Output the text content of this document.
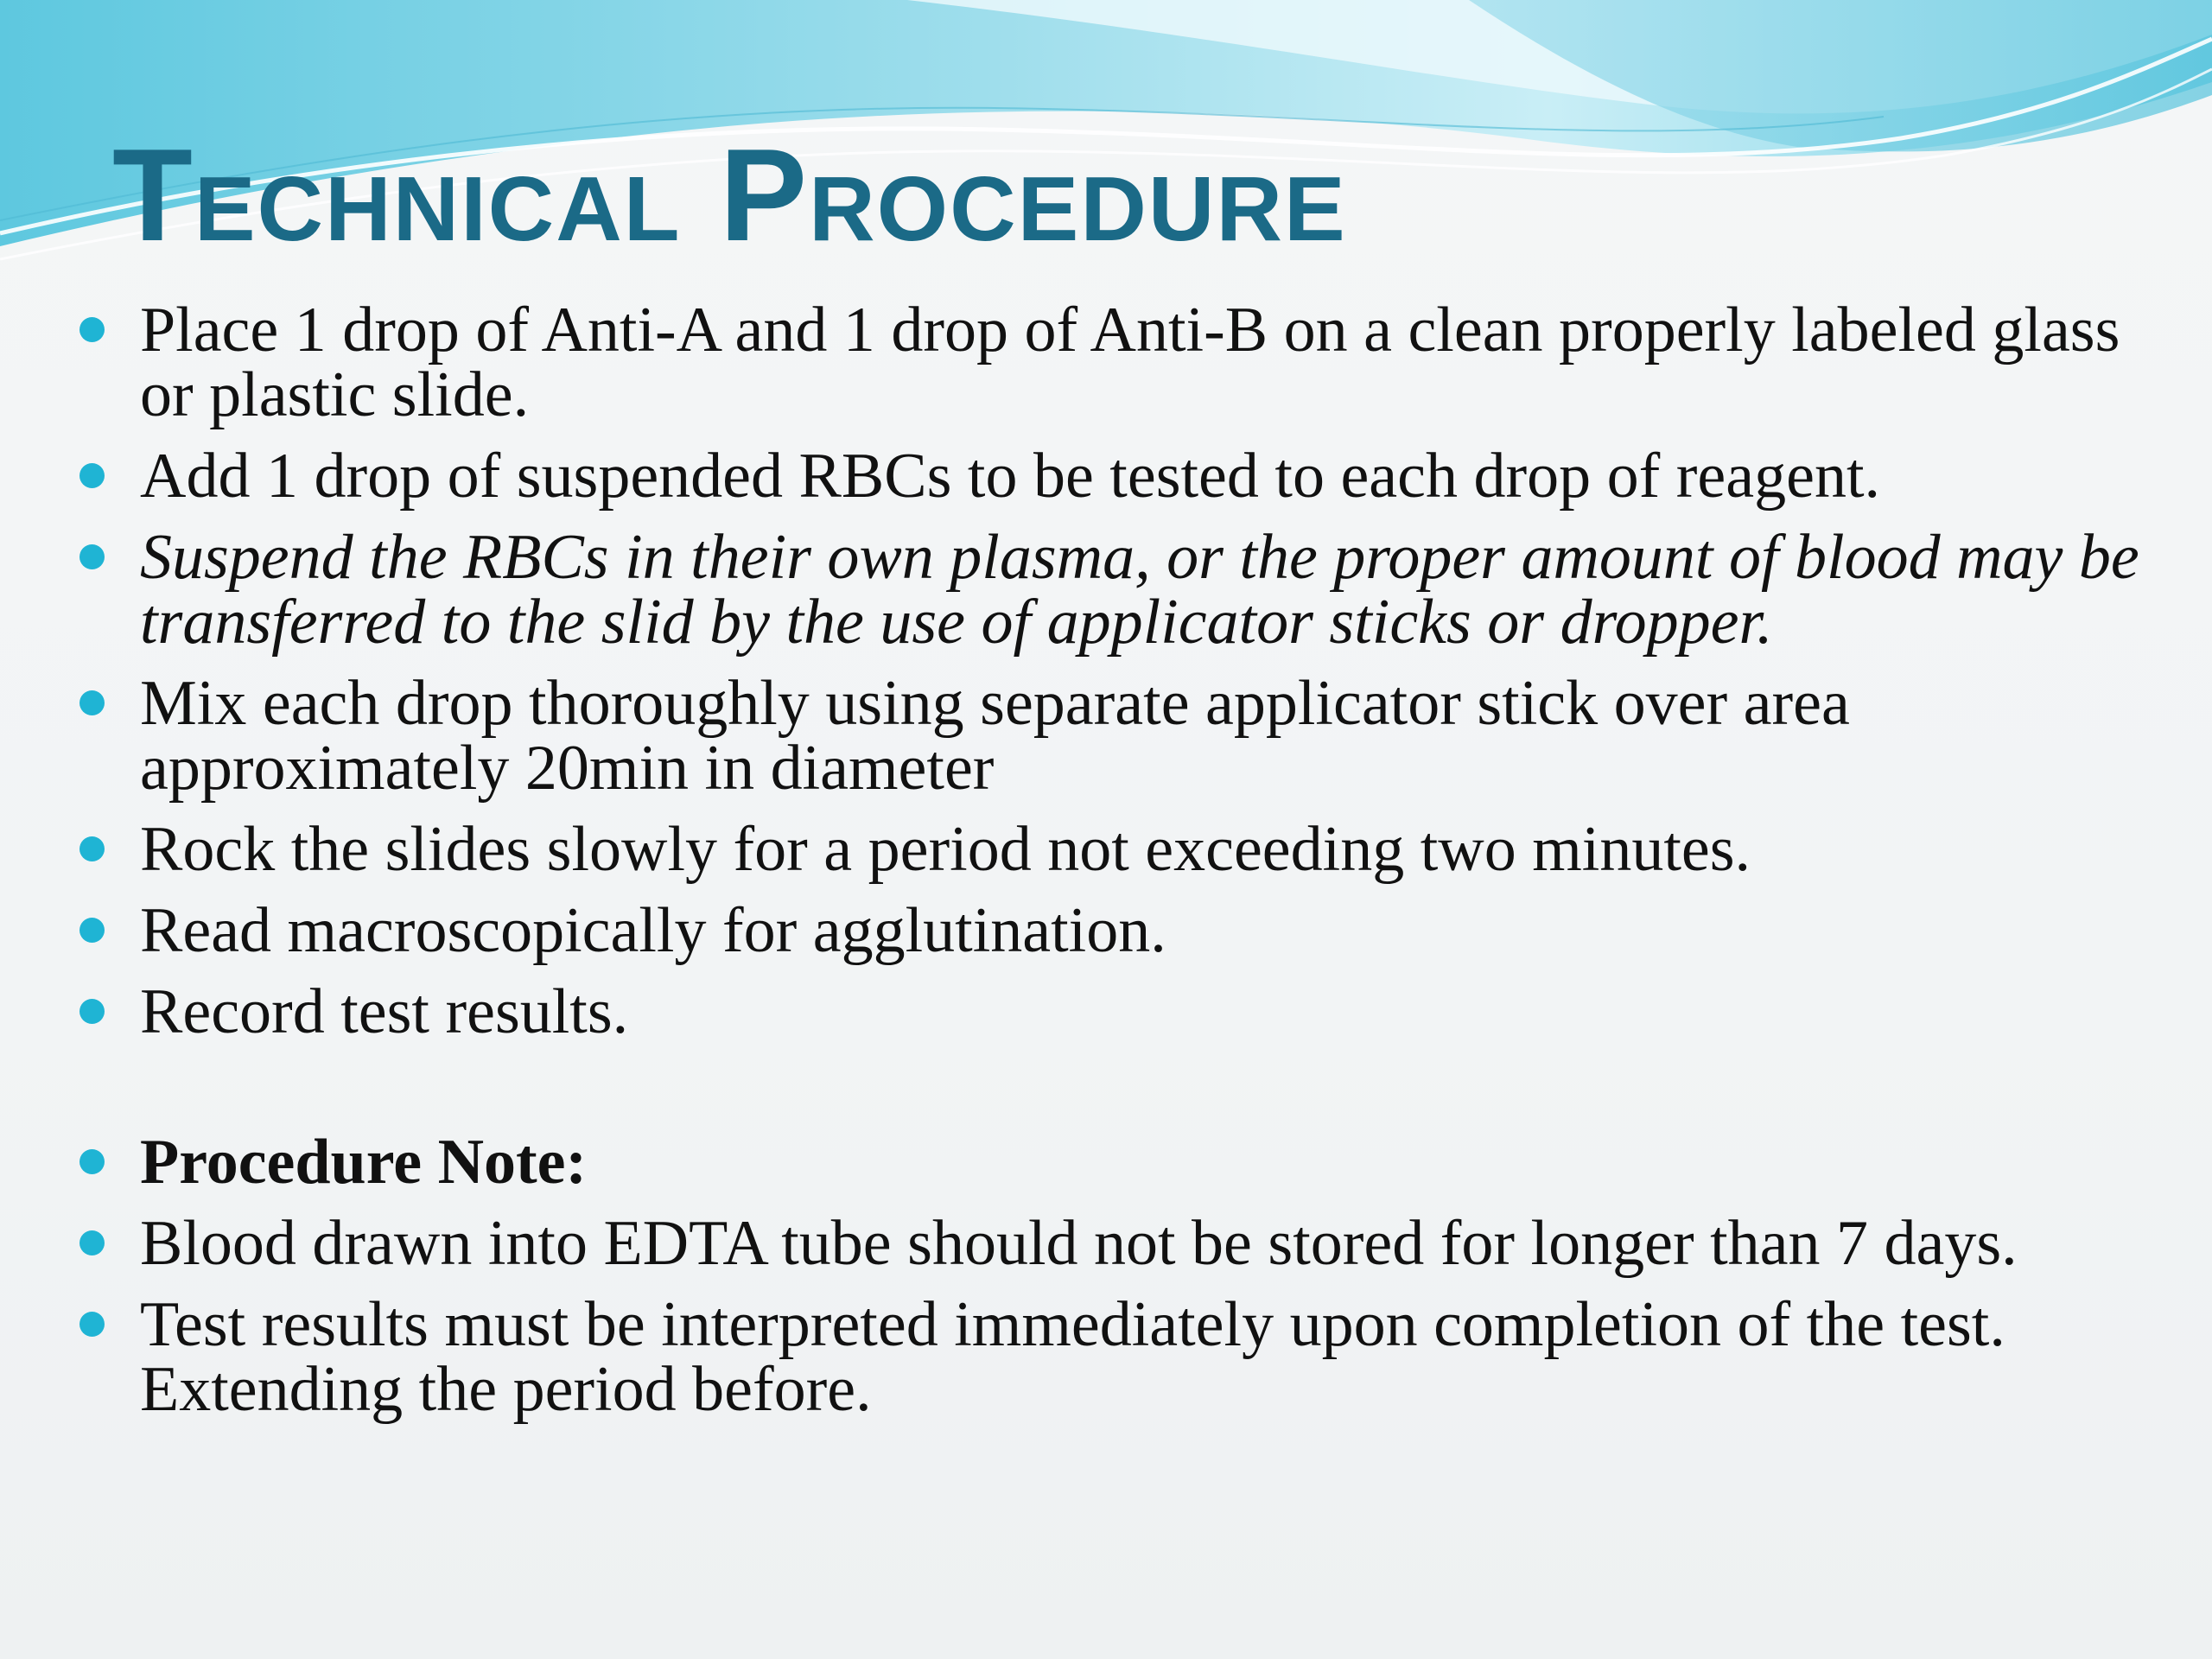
Technical Procedure
Place 1 drop of Anti-A and 1 drop of Anti-B on a clean properly labeled glass or plastic slide.
Add 1 drop of suspended RBCs to be tested to each drop of reagent.
Suspend the RBCs in their own plasma, or the proper amount of blood may be transferred to the slid by the use of applicator sticks or dropper.
Mix each drop thoroughly using separate applicator stick over area approximately 20min in diameter
Rock the slides slowly for a period not exceeding two minutes.
Read macroscopically for agglutination.
Record test results.
Procedure Note:
Blood drawn into EDTA tube should not be stored for longer than 7 days.
Test results must be interpreted immediately upon completion of the test. Extending the period before.
